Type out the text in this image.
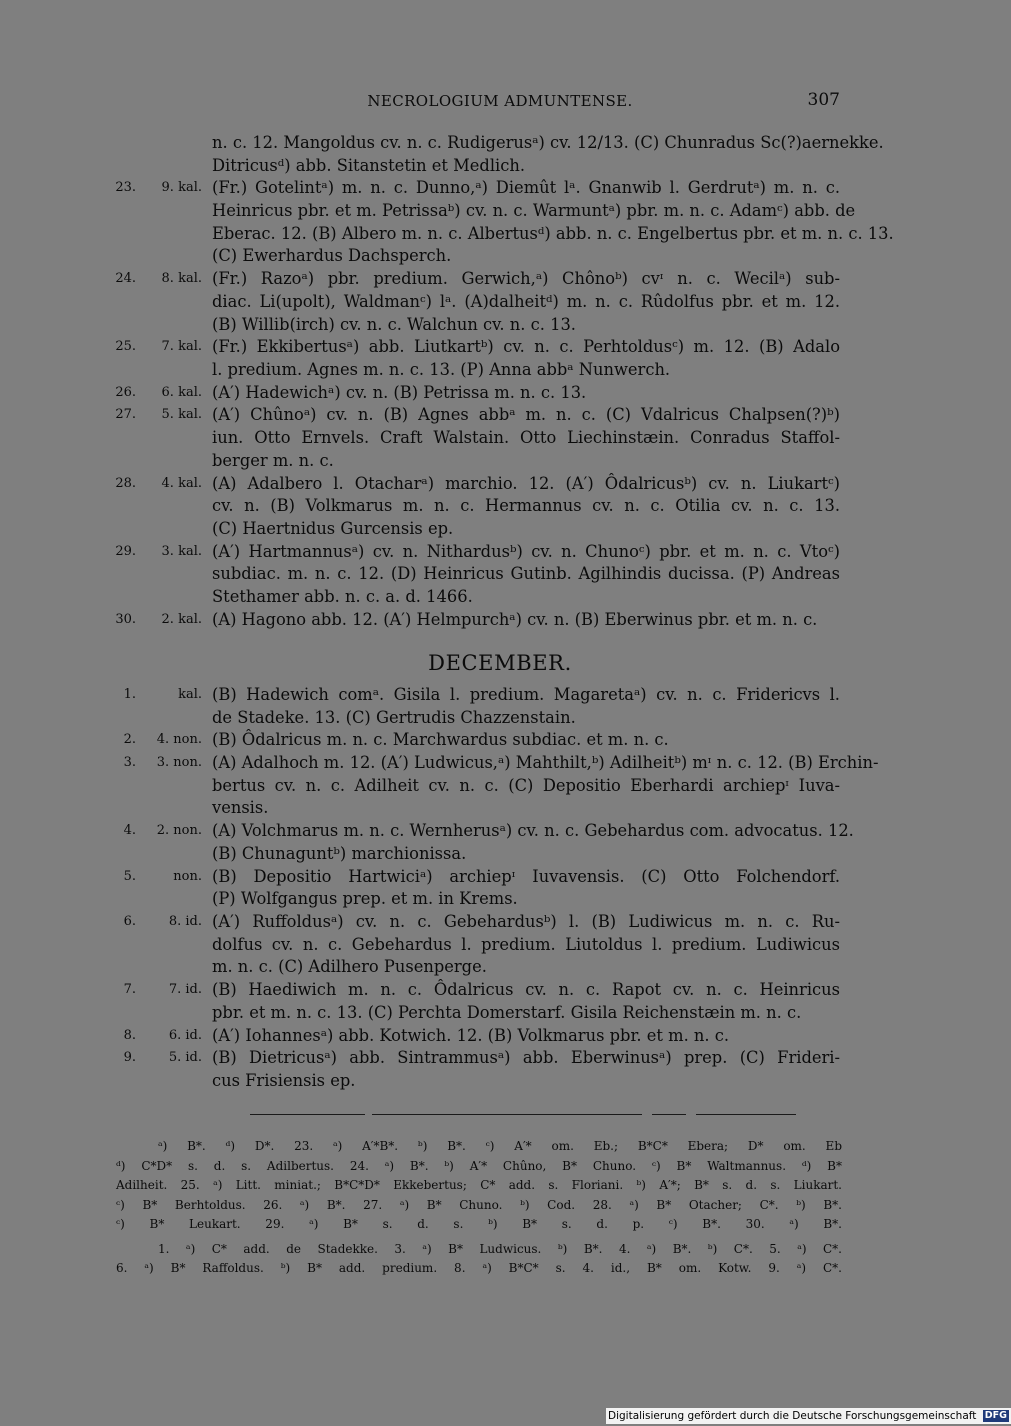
NECROLOGIUM ADMUNTENSE.	307
n. c. 12. Mangoldus cv. n. c. Rudigerusᵃ) cv. 12/13. (C) Chunradus Sc(?)aernekke.
Ditricusᵈ) abb. Sitanstetin et Medlich.
23.	9. kal. (Fr.) Gotelintᵃ) m. n. c. Dunno,ᵃ) Diemût lᵃ. Gnanwib l. Gerdrutᵃ) m. n. c.
Heinricus pbr. et m. Petrissaᵇ) cv. n. c. Warmuntᵃ) pbr. m. n. c. Adamᶜ) abb. de
Eberac. 12. (B) Albero m. n. c. Albertusᵈ) abb. n. c. Engelbertus pbr. et m. n. c. 13.
(C) Ewerhardus Dachsperch.
24.	8. kal. (Fr.) Razoᵃ) pbr. predium. Gerwich,ᵃ) Chônoᵇ) cvᶦ n. c. Wecilᵃ) sub-
diac. Li(upolt), Waldmanᶜ) lᵃ. (A)dalheitᵈ) m. n. c. Rûdolfus pbr. et m. 12.
(B) Willib(irch) cv. n. c. Walchun cv. n. c. 13.
25.	7. kal. (Fr.) Ekkibertusᵃ) abb. Liutkartᵇ) cv. n. c. Perhtoldusᶜ) m. 12. (B) Adalo
l. predium. Agnes m. n. c. 13. (P) Anna abbᵃ Nunwerch.
26.	6. kal. (A′) Hadewichᵃ) cv. n. (B) Petrissa m. n. c. 13.
27.	5. kal. (A′) Chûnoᵃ) cv. n. (B) Agnes abbᵃ m. n. c. (C) Vdalricus Chalpsen(?)ᵇ)
iun. Otto Ernvels. Craft Walstain. Otto Liechinstæin. Conradus Staffol-
berger m. n. c.
28.	4. kal. (A) Adalbero l. Otacharᵃ) marchio. 12. (A′) Ôdalricusᵇ) cv. n. Liukartᶜ)
cv. n. (B) Volkmarus m. n. c. Hermannus cv. n. c. Otilia cv. n. c. 13.
(C) Haertnidus Gurcensis ep.
29.	3. kal. (A′) Hartmannusᵃ) cv. n. Nithardusᵇ) cv. n. Chunoᶜ) pbr. et m. n. c. Vtoᶜ)
subdiac. m. n. c. 12. (D) Heinricus Gutinb. Agilhindis ducissa. (P) Andreas
Stethamer abb. n. c. a. d. 1466.
30.	2. kal. (A) Hagono abb. 12. (A′) Helmpurchᵃ) cv. n. (B) Eberwinus pbr. et m. n. c.
DECEMBER.
1.	kal. (B) Hadewich comᵃ. Gisila l. predium. Magaretaᵃ) cv. n. c. Fridericvs l.
de Stadeke. 13. (C) Gertrudis Chazzenstain.
2.	4. non. (B) Ôdalricus m. n. c. Marchwardus subdiac. et m. n. c.
3.	3. non. (A) Adalhoch m. 12. (A′) Ludwicus,ᵃ) Mahthilt,ᵇ) Adilheitᵇ) mᶦ n. c. 12. (B) Erchin-
bertus cv. n. c. Adilheit cv. n. c. (C) Depositio Eberhardi archiepᶦ Iuva-
vensis.
4.	2. non. (A) Volchmarus m. n. c. Wernherusᵃ) cv. n. c. Gebehardus com. advocatus. 12.
(B) Chunaguntᵇ) marchionissa.
5.	non. (B) Depositio Hartwiciᵃ) archiepᶦ Iuvavensis. (C) Otto Folchendorf.
(P) Wolfgangus prep. et m. in Krems.
6.	8. id. (A′) Ruffoldusᵃ) cv. n. c. Gebehardusᵇ) l. (B) Ludiwicus m. n. c. Ru-
dolfus cv. n. c. Gebehardus l. predium. Liutoldus l. predium. Ludiwicus
m. n. c. (C) Adilhero Pusenperge.
7.	7. id. (B) Haediwich m. n. c. Ôdalricus cv. n. c. Rapot cv. n. c. Heinricus
pbr. et m. n. c. 13. (C) Perchta Domerstarf. Gisila Reichenstæin m. n. c.
8.	6. id. (A′) Iohannesᵃ) abb. Kotwich. 12. (B) Volkmarus pbr. et m. n. c.
9.	5. id. (B) Dietricusᵃ) abb. Sintrammusᵃ) abb. Eberwinusᵃ) prep. (C) Frideri-
cus Frisiensis ep.
ᵃ) B*. ᵈ) D*. 23. ᵃ) A′*B*. ᵇ) B*. ᶜ) A′* om. Eb.; B*C* Ebera; D* om. Eb
ᵈ) C*D* s. d. s. Adilbertus. 24. ᵃ) B*. ᵇ) A′* Chûno, B* Chuno. ᶜ) B* Waltmannus. ᵈ) B*
Adilheit. 25. ᵃ) Litt. miniat.; B*C*D* Ekkebertus; C* add. s. Floriani. ᵇ) A′*; B* s. d. s. Liukart.
ᶜ) B* Berhtoldus. 26. ᵃ) B*. 27. ᵃ) B* Chuno. ᵇ) Cod. 28. ᵃ) B* Otacher; C*. ᵇ) B*.
ᶜ) B* Leukart. 29. ᵃ) B* s. d. s. ᵇ) B* s. d. p. ᶜ) B*. 30. ᵃ) B*.
1. ᵃ) C* add. de Stadekke. 3. ᵃ) B* Ludwicus. ᵇ) B*. 4. ᵃ) B*. ᵇ) C*. 5. ᵃ) C*.
6. ᵃ) B* Raffoldus. ᵇ) B* add. predium. 8. ᵃ) B*C* s. 4. id., B* om. Kotw. 9. ᵃ) C*.
Digitalisierung gefördert durch die Deutsche Forschungsgemeinschaft DFG
